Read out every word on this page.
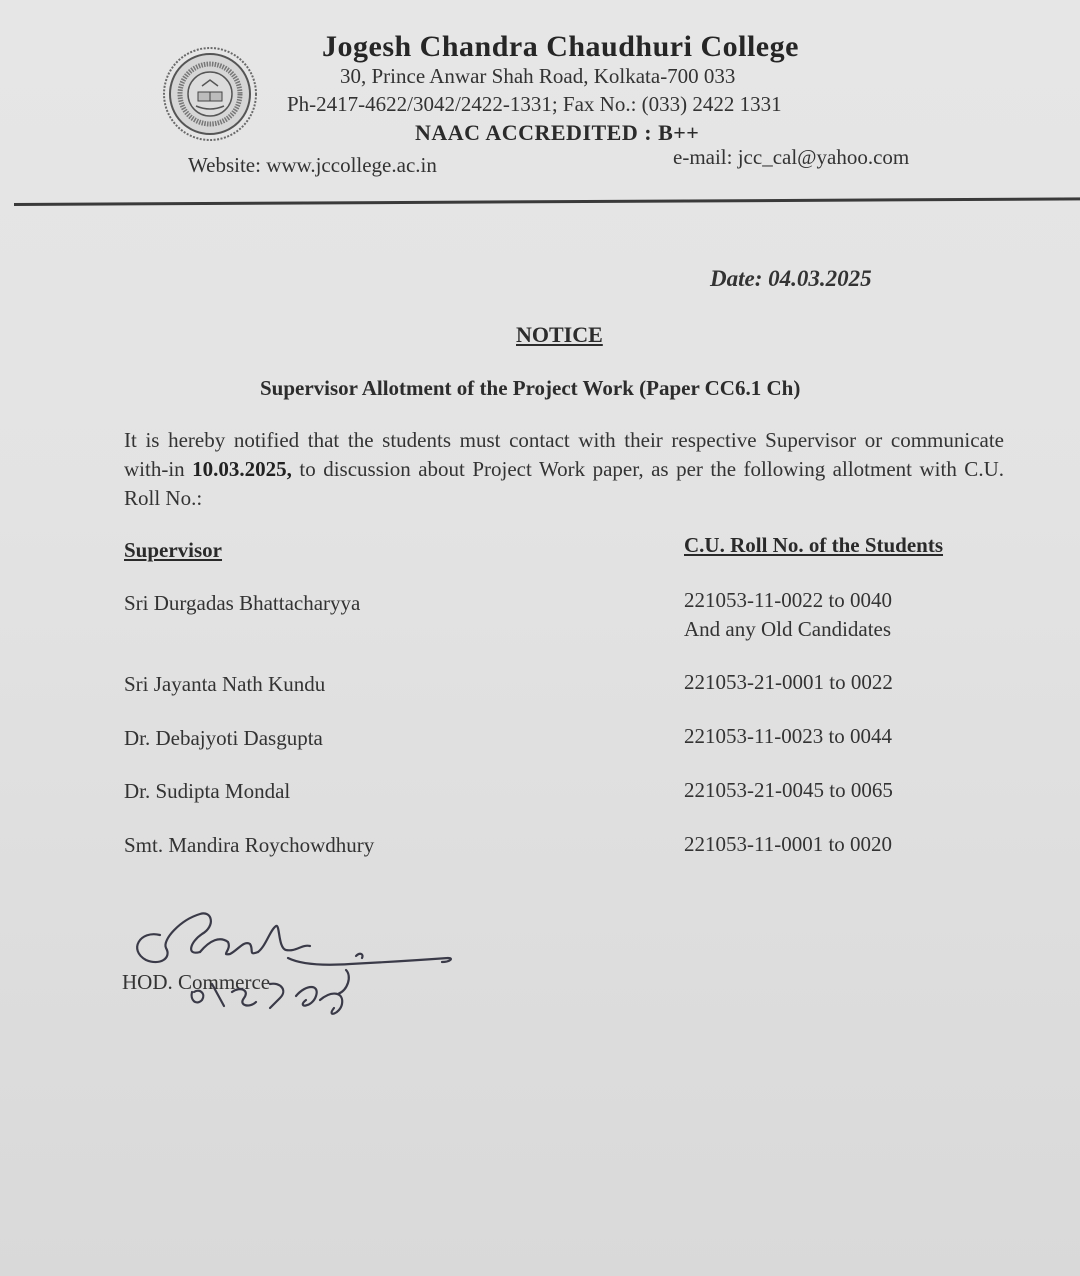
Jogesh Chandra Chaudhuri College
30, Prince Anwar Shah Road, Kolkata-700 033
Ph-2417-4622/3042/2422-1331; Fax No.: (033) 2422 1331
NAAC ACCREDITED : B++
Website: www.jccollege.ac.in	e-mail: jcc_cal@yahoo.com
Date: 04.03.2025
NOTICE
Supervisor Allotment of the Project Work (Paper CC6.1 Ch)
It is hereby notified that the students must contact with their respective Supervisor or communicate with-in 10.03.2025, to discussion about Project Work paper, as per the following allotment with C.U. Roll No.:
Supervisor	C.U. Roll No. of the Students
Sri Durgadas Bhattacharyya	221053-11-0022 to 0040
And any Old Candidates
Sri Jayanta Nath Kundu	221053-21-0001 to 0022
Dr. Debajyoti Dasgupta	221053-11-0023 to 0044
Dr. Sudipta Mondal	221053-21-0045 to 0065
Smt. Mandira Roychowdhury	221053-11-0001 to 0020
HOD. Commerce
